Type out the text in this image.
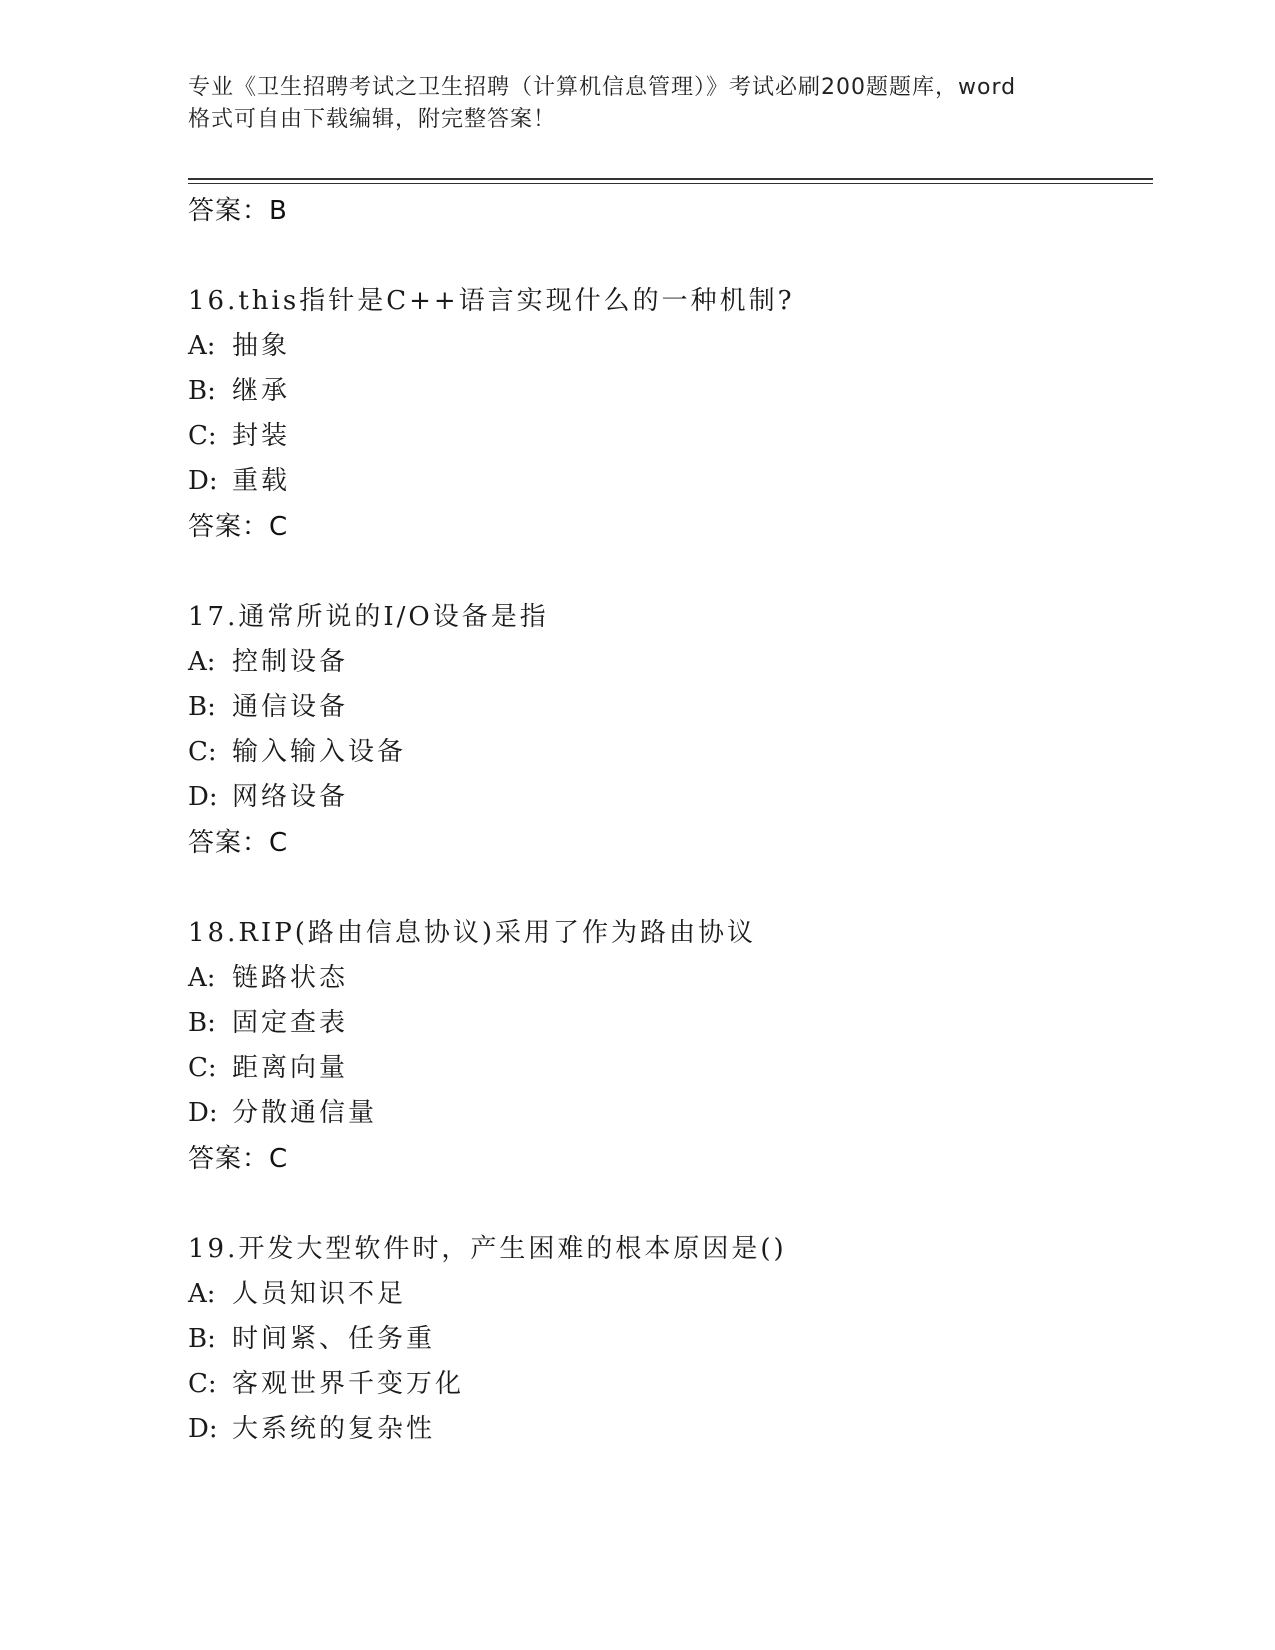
专业《卫生招聘考试之卫生招聘（计算机信息管理）》考试必刷200题题库，word
格式可自由下载编辑，附完整答案！
答案：B
16.this指针是C++语言实现什么的一种机制?
A: 抽象
B: 继承
C: 封装
D: 重载
答案：C
17.通常所说的I/O设备是指
A: 控制设备
B: 通信设备
C: 输入输入设备
D: 网络设备
答案：C
18.RIP(路由信息协议)采用了作为路由协议
A: 链路状态
B: 固定查表
C: 距离向量
D: 分散通信量
答案：C
19.开发大型软件时，产生困难的根本原因是()
A: 人员知识不足
B: 时间紧、任务重
C: 客观世界千变万化
D: 大系统的复杂性
